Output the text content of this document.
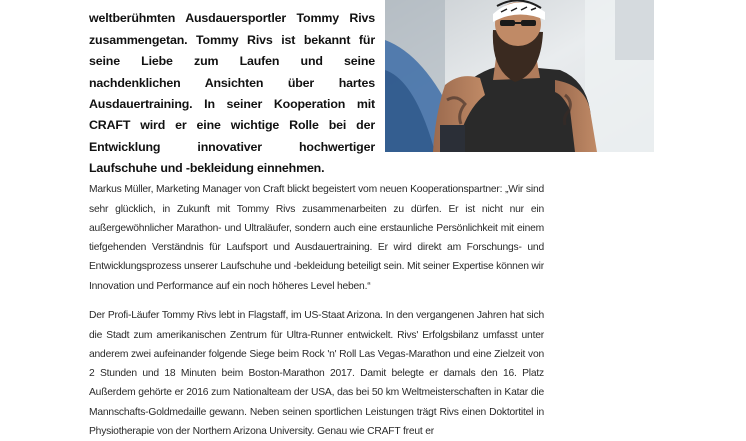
weltberühmten Ausdauersportler Tommy Rivs zusammengetan. Tommy Rivs ist bekannt für seine Liebe zum Laufen und seine nachdenklichen Ansichten über hartes Ausdauertraining. In seiner Kooperation mit CRAFT wird er eine wichtige Rolle bei der Entwicklung innovativer hochwertiger Laufschuhe und -bekleidung einnehmen.

Markus Müller, Marketing Manager von Craft blickt begeistert vom neuen Kooperationspartner: „Wir sind sehr glücklich, in Zukunft mit Tommy Rivs zusammenarbeiten zu dürfen. Er ist nicht nur ein außergewöhnlicher Marathon- und Ultraläufer, sondern auch eine erstaunliche Persönlichkeit mit einem tiefgehenden Verständnis für Laufsport und Ausdauertraining. Er wird direkt am Forschungs- und Entwicklungsprozess unserer Laufschuhe und -bekleidung beteiligt sein. Mit seiner Expertise können wir Innovation und Performance auf ein noch höheres Level heben.“

Der Profi-Läufer Tommy Rivs lebt in Flagstaff, im US-Staat Arizona. In den vergangenen Jahren hat sich die Stadt zum amerikanischen Zentrum für Ultra-Runner entwickelt. Rivs' Erfolgsbilanz umfasst unter anderem zwei aufeinander folgende Siege beim Rock 'n' Roll Las Vegas-Marathon und eine Zielzeit von 2 Stunden und 18 Minuten beim Boston-Marathon 2017. Damit belegte er damals den 16. Platz Außerdem gehörte er 2016 zum Nationalteam der USA, das bei 50 km Weltmeisterschaften in Katar die Mannschafts-Goldmedaille gewann. Neben seinen sportlichen Leistungen trägt Rivs einen Doktortitel in Physiotherapie von der Northern Arizona University. Genau wie CRAFT freut er
